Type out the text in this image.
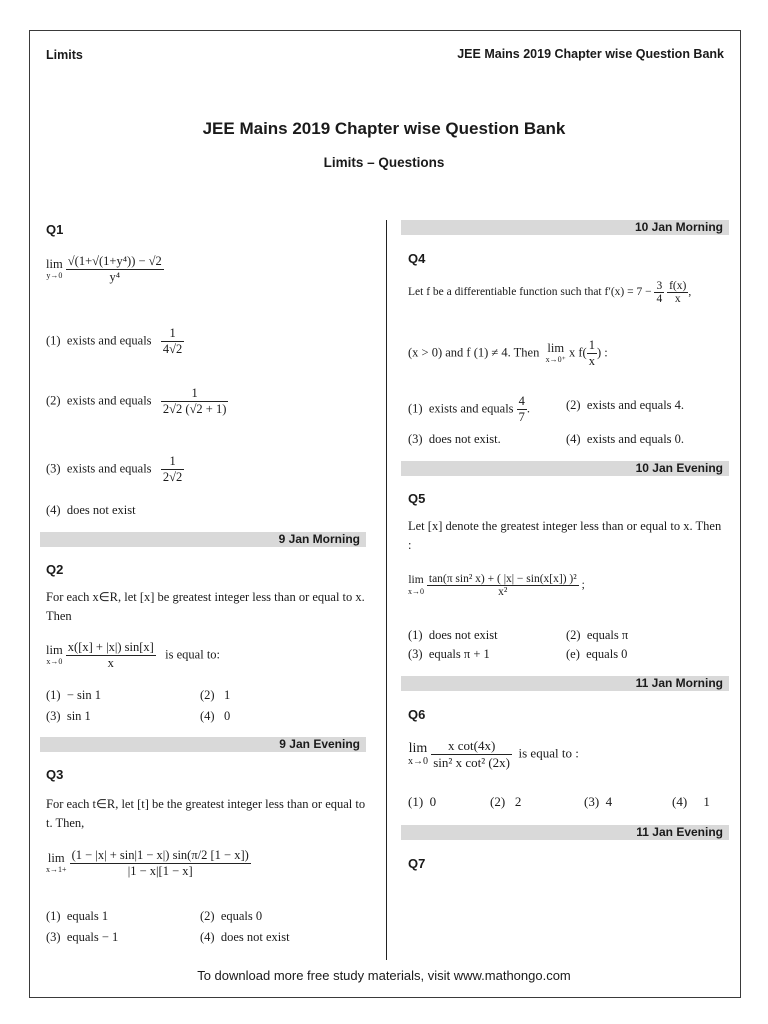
Limits	JEE Mains 2019 Chapter wise Question Bank
JEE Mains 2019 Chapter wise Question Bank
Limits – Questions
Q1
lim
y→0
$\frac{\text{√(1+√(1+y⁴)) − √2}}{\text{y⁴}}$
(1) exists and equals $\frac{1}{4√2}$
(2) exists and equals $\frac{1}{2√2 (√2 + 1)}$
(3) exists and equals $\frac{1}{2√2}$
(4) does not exist
9 Jan Morning
Q2
For each x∈R, let [x] be greatest integer less than or equal to x. Then
lim
x→0
$\frac{x([x] + |x|) \sin[x]}{x}$ is equal to:
(1) − sin 1	(2) 1
(3) sin 1	(4) 0
9 Jan Evening
Q3
For each t∈R, let [t] be the greatest integer less than or equal to t. Then,
lim
x→1+
$\frac{(1 - |x| + \sin|1 - x|) \sin(\pi/2 [1 - x])}{|1 - x|[1 - x]}$
(1) equals 1	(2) equals 0
(3) equals − 1	(4) does not exist
10 Jan Morning
Q4
Let f be a differentiable function such that $f'(x) = 7 - \frac{3}{4}$
$\frac{f(x)}{x}$ ,
(x > 0) and f (1) ≠ 4. Then lim
x→0⁺ x $f( \frac{1}{x}$ ) :
(1) exists and equals $\frac{4}{7}$ .	(2) exists and equals 4.
(3) does not exist.	(4) exists and equals 0.
10 Jan Evening
Q5
Let [x] denote the greatest integer less than or equal to x. Then :
lim
x→0
$\frac{\text{tan(π sin² x) + ( |x| − sin(x[x]) )²}}{\text{x²}}$ ;
(1) does not exist	(2) equals π
(3) equals π + 1	(e) equals 0
11 Jan Morning
Q6
lim
x→0
$\frac{\text{x cot(4x)}}{\text{sin² x cot² (2x)}}$ is equal to :
(1) 0	(2) 2	(3) 4	(4) 1
11 Jan Evening
Q7
To download more free study materials, visit www.mathongo.com
